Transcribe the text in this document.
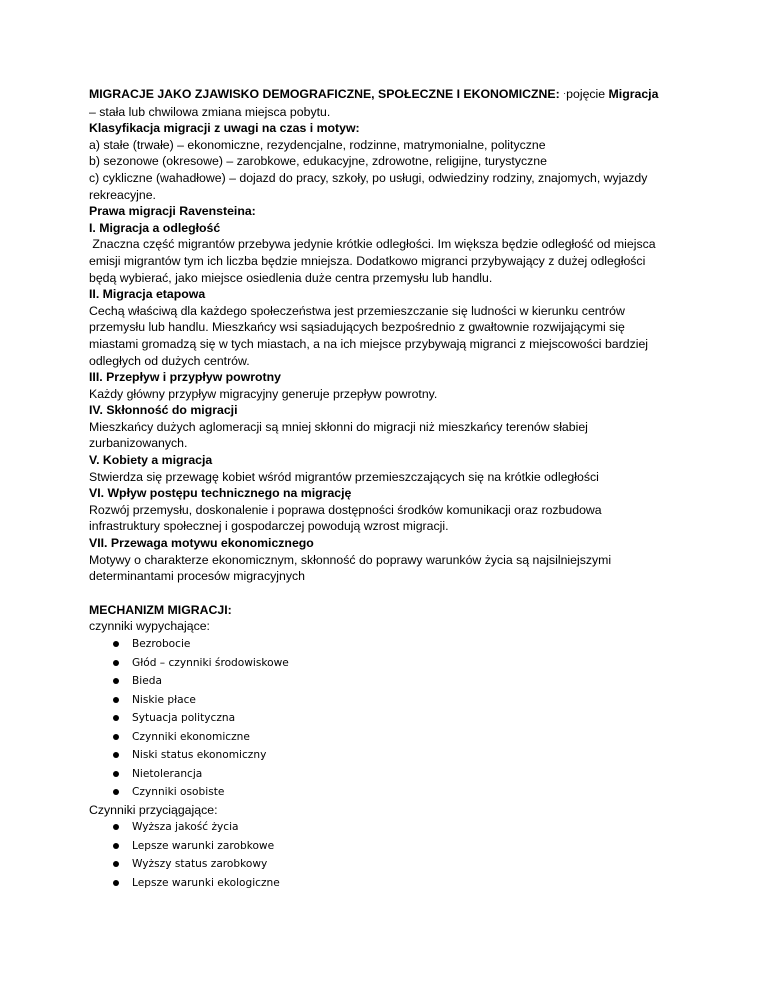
MIGRACJE JAKO ZJAWISKO DEMOGRAFICZNE, SPOŁECZNE I EKONOMICZNE: ·pojęcie Migracja

– stała lub chwilowa zmiana miejsca pobytu.

Klasyfikacja migracji z uwagi na czas i motyw:

a) stałe (trwałe) – ekonomiczne, rezydencjalne, rodzinne, matrymonialne, polityczne

b) sezonowe (okresowe) – zarobkowe, edukacyjne, zdrowotne, religijne, turystyczne

c) cykliczne (wahadłowe) – dojazd do pracy, szkoły, po usługi, odwiedziny rodziny, znajomych, wyjazdy

rekreacyjne.

Prawa migracji Ravensteina:

I. Migracja a odległość

Znaczna część migrantów przebywa jedynie krótkie odległości. Im większa będzie odległość od miejsca

emisji migrantów tym ich liczba będzie mniejsza. Dodatkowo migranci przybywający z dużej odległości

będą wybierać, jako miejsce osiedlenia duże centra przemysłu lub handlu.

II. Migracja etapowa

Cechą właściwą dla każdego społeczeństwa jest przemieszczanie się ludności w kierunku centrów

przemysłu lub handlu. Mieszkańcy wsi sąsiadujących bezpośrednio z gwałtownie rozwijającymi się

miastami gromadzą się w tych miastach, a na ich miejsce przybywają migranci z miejscowości bardziej

odległych od dużych centrów.

III. Przepływ i przypływ powrotny

Każdy główny przypływ migracyjny generuje przepływ powrotny.

IV. Skłonność do migracji

Mieszkańcy dużych aglomeracji są mniej skłonni do migracji niż mieszkańcy terenów słabiej

zurbanizowanych.

V. Kobiety a migracja

Stwierdza się przewagę kobiet wśród migrantów przemieszczających się na krótkie odległości

VI. Wpływ postępu technicznego na migrację

Rozwój przemysłu, doskonalenie i poprawa dostępności środków komunikacji oraz rozbudowa

infrastruktury społecznej i gospodarczej powodują wzrost migracji.

VII. Przewaga motywu ekonomicznego

Motywy o charakterze ekonomicznym, skłonność do poprawy warunków życia są najsilniejszymi

determinantami procesów migracyjnych

MECHANIZM MIGRACJI:

czynniki wypychające:

Bezrobocie
Głód – czynniki środowiskowe
Bieda
Niskie płace
Sytuacja polityczna
Czynniki ekonomiczne
Niski status ekonomiczny
Nietolerancja
Czynniki osobiste

Czynniki przyciągające:

Wyższa jakość życia
Lepsze warunki zarobkowe
Wyższy status zarobkowy
Lepsze warunki ekologiczne
